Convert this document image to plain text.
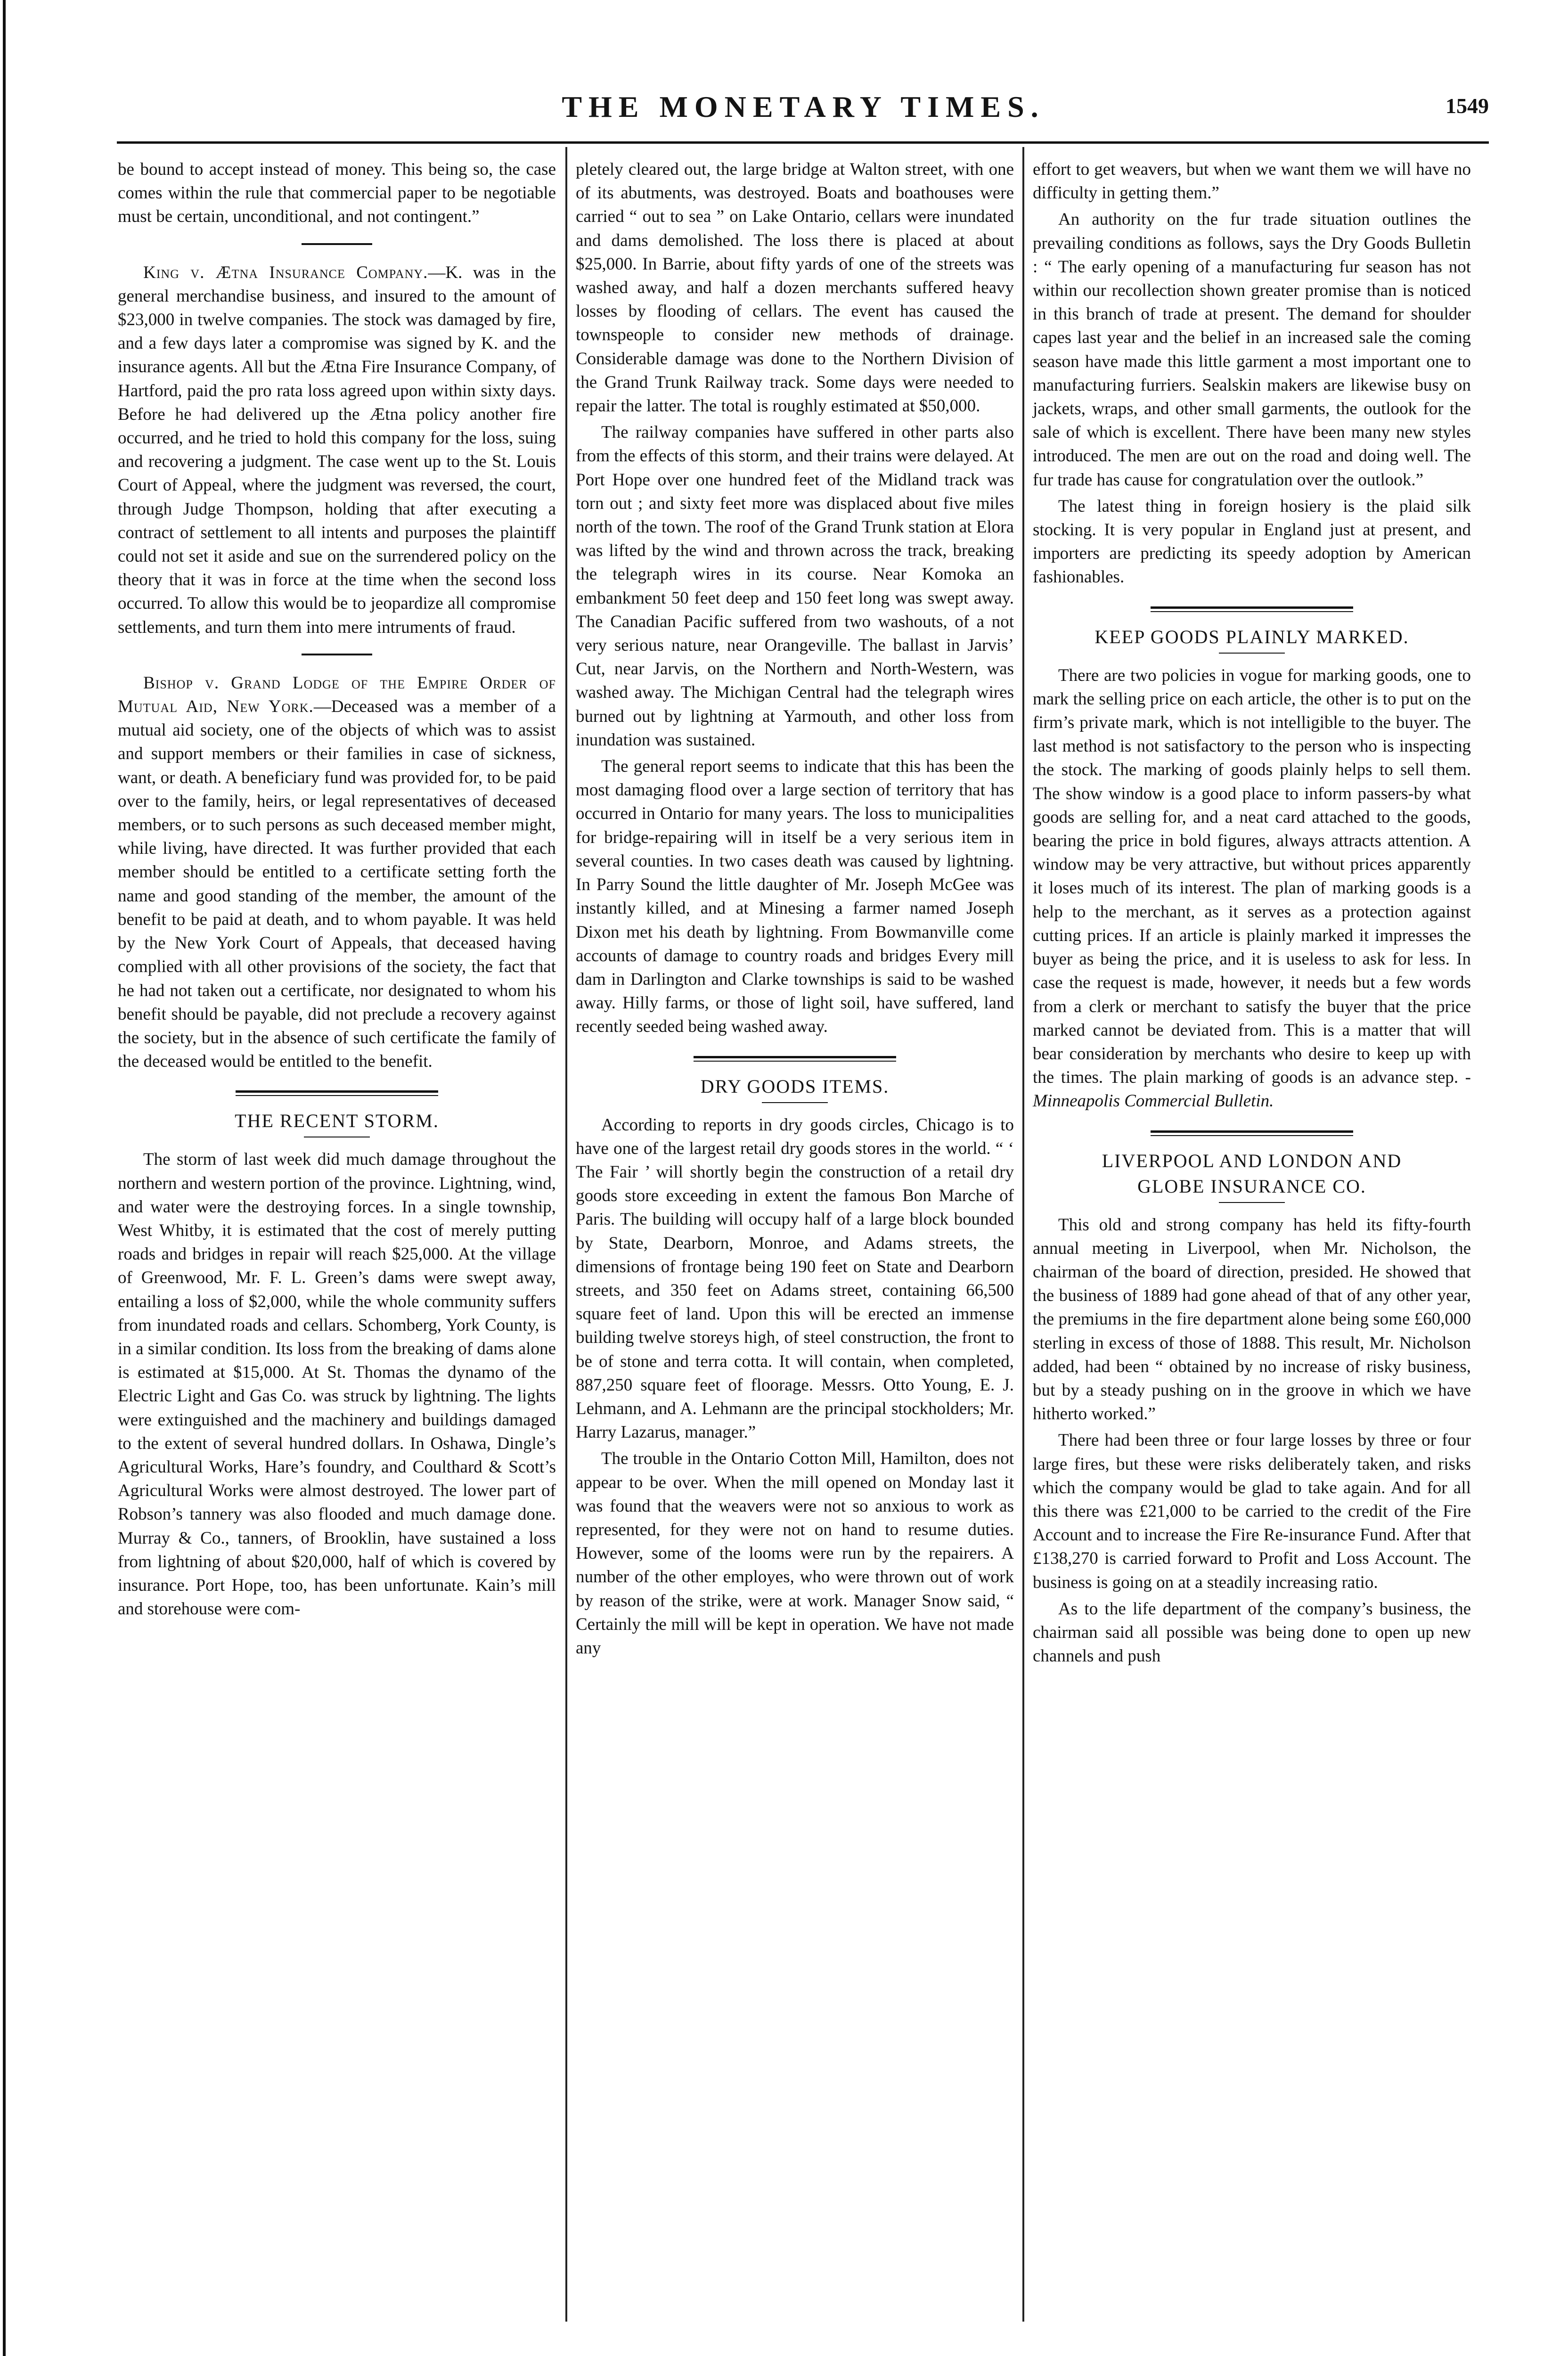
THE MONETARY TIMES.	1549

be bound to accept instead of money. This being so, the case comes within the rule that commercial paper to be negotiable must be certain, unconditional, and not contingent.”

King v. Ætna Insurance Company.—K. was in the general merchandise business, and insured to the amount of $23,000 in twelve companies. The stock was damaged by fire, and a few days later a compromise was signed by K. and the insurance agents. All but the Ætna Fire Insurance Company, of Hartford, paid the pro rata loss agreed upon within sixty days. Before he had delivered up the Ætna policy another fire occurred, and he tried to hold this company for the loss, suing and recovering a judgment. The case went up to the St. Louis Court of Appeal, where the judgment was reversed, the court, through Judge Thompson, holding that after executing a contract of settlement to all intents and purposes the plaintiff could not set it aside and sue on the surrendered policy on the theory that it was in force at the time when the second loss occurred. To allow this would be to jeopardize all compromise settlements, and turn them into mere intruments of fraud.

Bishop v. Grand Lodge of the Empire Order of Mutual Aid, New York.—Deceased was a member of a mutual aid society, one of the objects of which was to assist and support members or their families in case of sickness, want, or death. A beneficiary fund was provided for, to be paid over to the family, heirs, or legal representatives of deceased members, or to such persons as such deceased member might, while living, have directed. It was further provided that each member should be entitled to a certificate setting forth the name and good standing of the member, the amount of the benefit to be paid at death, and to whom payable. It was held by the New York Court of Appeals, that deceased having complied with all other provisions of the society, the fact that he had not taken out a certificate, nor designated to whom his benefit should be payable, did not preclude a recovery against the society, but in the absence of such certificate the family of the deceased would be entitled to the benefit.

THE RECENT STORM.

The storm of last week did much damage throughout the northern and western portion of the province. Lightning, wind, and water were the destroying forces. In a single township, West Whitby, it is estimated that the cost of merely putting roads and bridges in repair will reach $25,000. At the village of Greenwood, Mr. F. L. Green’s dams were swept away, entailing a loss of $2,000, while the whole community suffers from inundated roads and cellars. Schomberg, York County, is in a similar condition. Its loss from the breaking of dams alone is estimated at $15,000. At St. Thomas the dynamo of the Electric Light and Gas Co. was struck by lightning. The lights were extinguished and the machinery and buildings damaged to the extent of several hundred dollars. In Oshawa, Dingle’s Agricultural Works, Hare’s foundry, and Coulthard & Scott’s Agricultural Works were almost destroyed. The lower part of Robson’s tannery was also flooded and much damage done. Murray & Co., tanners, of Brooklin, have sustained a loss from lightning of about $20,000, half of which is covered by insurance. Port Hope, too, has been unfortunate. Kain’s mill and storehouse were com-

pletely cleared out, the large bridge at Walton street, with one of its abutments, was destroyed. Boats and boathouses were carried “ out to sea ” on Lake Ontario, cellars were inundated and dams demolished. The loss there is placed at about $25,000. In Barrie, about fifty yards of one of the streets was washed away, and half a dozen merchants suffered heavy losses by flooding of cellars. The event has caused the townspeople to consider new methods of drainage. Considerable damage was done to the Northern Division of the Grand Trunk Railway track. Some days were needed to repair the latter. The total is roughly estimated at $50,000.

The railway companies have suffered in other parts also from the effects of this storm, and their trains were delayed. At Port Hope over one hundred feet of the Midland track was torn out ; and sixty feet more was displaced about five miles north of the town. The roof of the Grand Trunk station at Elora was lifted by the wind and thrown across the track, breaking the telegraph wires in its course. Near Komoka an embankment 50 feet deep and 150 feet long was swept away. The Canadian Pacific suffered from two washouts, of a not very serious nature, near Orangeville. The ballast in Jarvis’ Cut, near Jarvis, on the Northern and North-Western, was washed away. The Michigan Central had the telegraph wires burned out by lightning at Yarmouth, and other loss from inundation was sustained.

The general report seems to indicate that this has been the most damaging flood over a large section of territory that has occurred in Ontario for many years. The loss to municipalities for bridge-repairing will in itself be a very serious item in several counties. In two cases death was caused by lightning. In Parry Sound the little daughter of Mr. Joseph McGee was instantly killed, and at Minesing a farmer named Joseph Dixon met his death by lightning. From Bowmanville come accounts of damage to country roads and bridges Every mill dam in Darlington and Clarke townships is said to be washed away. Hilly farms, or those of light soil, have suffered, land recently seeded being washed away.

DRY GOODS ITEMS.

According to reports in dry goods circles, Chicago is to have one of the largest retail dry goods stores in the world. “ ‘ The Fair ’ will shortly begin the construction of a retail dry goods store exceeding in extent the famous Bon Marche of Paris. The building will occupy half of a large block bounded by State, Dearborn, Monroe, and Adams streets, the dimensions of frontage being 190 feet on State and Dearborn streets, and 350 feet on Adams street, containing 66,500 square feet of land. Upon this will be erected an immense building twelve storeys high, of steel construction, the front to be of stone and terra cotta. It will contain, when completed, 887,250 square feet of floorage. Messrs. Otto Young, E. J. Lehmann, and A. Lehmann are the principal stockholders; Mr. Harry Lazarus, manager.”

The trouble in the Ontario Cotton Mill, Hamilton, does not appear to be over. When the mill opened on Monday last it was found that the weavers were not so anxious to work as represented, for they were not on hand to resume duties. However, some of the looms were run by the repairers. A number of the other employes, who were thrown out of work by reason of the strike, were at work. Manager Snow said, “ Certainly the mill will be kept in operation. We have not made any

effort to get weavers, but when we want them we will have no difficulty in getting them.”

An authority on the fur trade situation outlines the prevailing conditions as follows, says the Dry Goods Bulletin : “ The early opening of a manufacturing fur season has not within our recollection shown greater promise than is noticed in this branch of trade at present. The demand for shoulder capes last year and the belief in an increased sale the coming season have made this little garment a most important one to manufacturing furriers. Sealskin makers are likewise busy on jackets, wraps, and other small garments, the outlook for the sale of which is excellent. There have been many new styles introduced. The men are out on the road and doing well. The fur trade has cause for congratulation over the outlook.”

The latest thing in foreign hosiery is the plaid silk stocking. It is very popular in England just at present, and importers are predicting its speedy adoption by American fashionables.

KEEP GOODS PLAINLY MARKED.

There are two policies in vogue for marking goods, one to mark the selling price on each article, the other is to put on the firm’s private mark, which is not intelligible to the buyer. The last method is not satisfactory to the person who is inspecting the stock. The marking of goods plainly helps to sell them. The show window is a good place to inform passers-by what goods are selling for, and a neat card attached to the goods, bearing the price in bold figures, always attracts attention. A window may be very attractive, but without prices apparently it loses much of its interest. The plan of marking goods is a help to the merchant, as it serves as a protection against cutting prices. If an article is plainly marked it impresses the buyer as being the price, and it is useless to ask for less. In case the request is made, however, it needs but a few words from a clerk or merchant to satisfy the buyer that the price marked cannot be deviated from. This is a matter that will bear consideration by merchants who desire to keep up with the times. The plain marking of goods is an advance step. - Minneapolis Commercial Bulletin.

LIVERPOOL AND LONDON AND
GLOBE INSURANCE CO.

This old and strong company has held its fifty-fourth annual meeting in Liverpool, when Mr. Nicholson, the chairman of the board of direction, presided. He showed that the business of 1889 had gone ahead of that of any other year, the premiums in the fire department alone being some £60,000 sterling in excess of those of 1888. This result, Mr. Nicholson added, had been “ obtained by no increase of risky business, but by a steady pushing on in the groove in which we have hitherto worked.”

There had been three or four large losses by three or four large fires, but these were risks deliberately taken, and risks which the company would be glad to take again. And for all this there was £21,000 to be carried to the credit of the Fire Account and to increase the Fire Re-insurance Fund. After that £138,270 is carried forward to Profit and Loss Account. The business is going on at a steadily increasing ratio.

As to the life department of the company’s business, the chairman said all possible was being done to open up new channels and push
